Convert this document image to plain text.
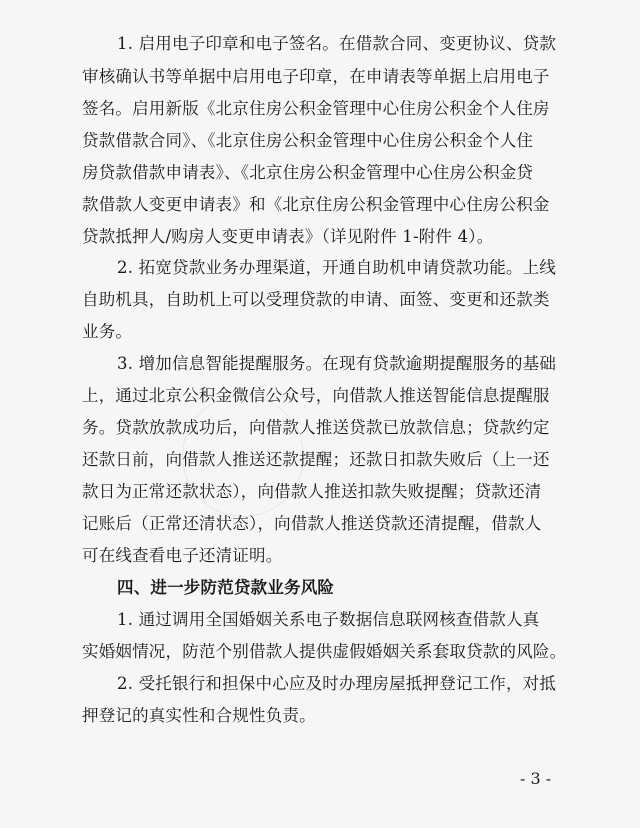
1. 启用电子印章和电子签名。在借款合同、变更协议、贷款
审核确认书等单据中启用电子印章，在申请表等单据上启用电子
签名。启用新版《北京住房公积金管理中心住房公积金个人住房
贷款借款合同》、《北京住房公积金管理中心住房公积金个人住
房贷款借款申请表》、《北京住房公积金管理中心住房公积金贷
款借款人变更申请表》和《北京住房公积金管理中心住房公积金
贷款抵押人/购房人变更申请表》（详见附件 1-附件 4）。
2. 拓宽贷款业务办理渠道，开通自助机申请贷款功能。上线
自助机具，自助机上可以受理贷款的申请、面签、变更和还款类
业务。
3. 增加信息智能提醒服务。在现有贷款逾期提醒服务的基础
上，通过北京公积金微信公众号，向借款人推送智能信息提醒服
务。贷款放款成功后，向借款人推送贷款已放款信息；贷款约定
还款日前，向借款人推送还款提醒；还款日扣款失败后（上一还
款日为正常还款状态），向借款人推送扣款失败提醒；贷款还清
记账后（正常还清状态），向借款人推送贷款还清提醒，借款人
可在线查看电子还清证明。
四、进一步防范贷款业务风险
1. 通过调用全国婚姻关系电子数据信息联网核查借款人真
实婚姻情况，防范个别借款人提供虚假婚姻关系套取贷款的风险。
2. 受托银行和担保中心应及时办理房屋抵押登记工作，对抵
押登记的真实性和合规性负责。
- 3 -
